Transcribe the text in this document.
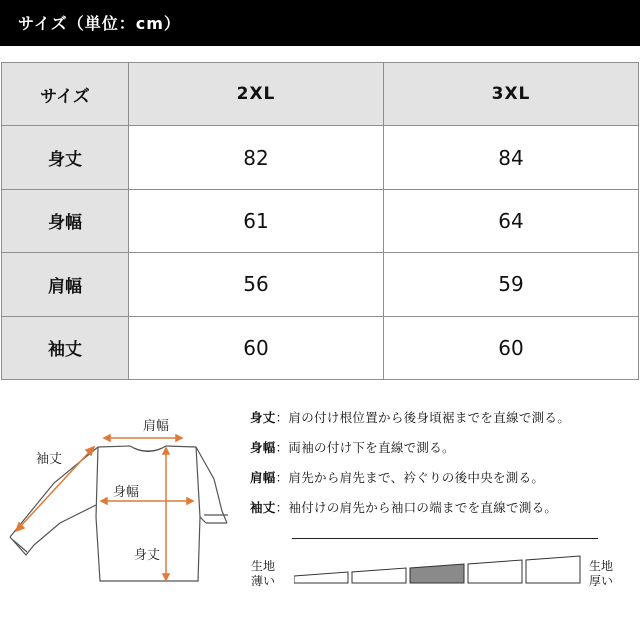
サイズ（単位：cm）
サイズ	2XL	3XL
身丈	82	84
身幅	61	64
肩幅	56	59
袖丈	60	60
肩幅
袖丈
身幅
身丈
身丈：肩の付け根位置から後身頃裾までを直線で測る。
身幅：両袖の付け下を直線で測る。
肩幅：肩先から肩先まで、衿ぐりの後中央を測る。
袖丈：袖付けの肩先から袖口の端までを直線で測る。
生地
薄い
生地
厚い
